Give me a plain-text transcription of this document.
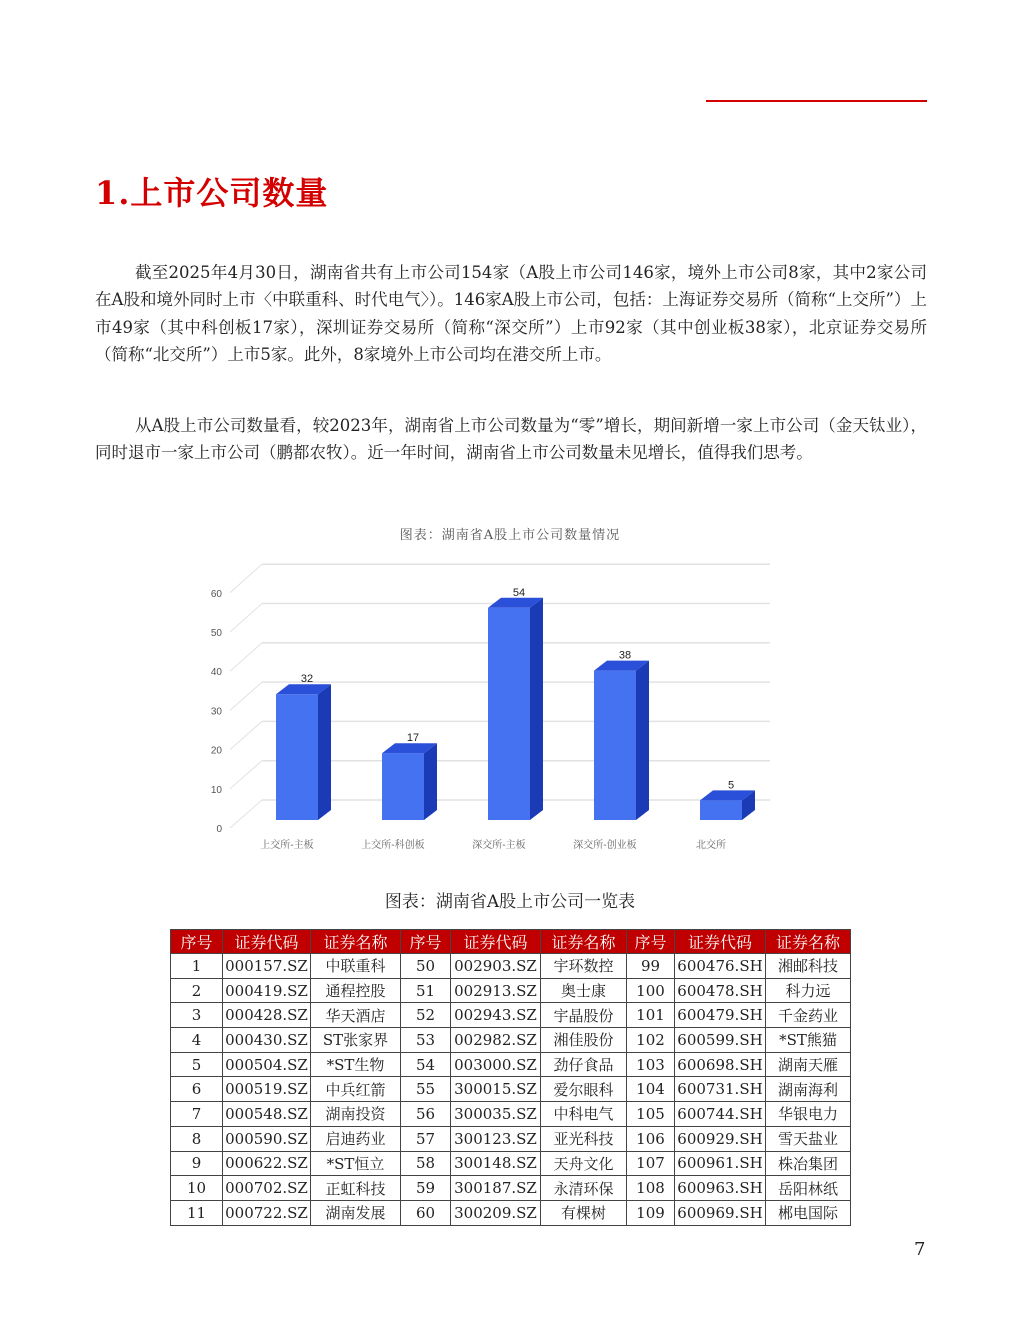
1.上市公司数量

截至2025年4月30日，湖南省共有上市公司154家（A股上市公司146家，境外上市公司8家，其中2家公司在A股和境外同时上市〈中联重科、时代电气〉）。146家A股上市公司，包括：上海证券交易所（简称“上交所”）上市49家（其中科创板17家），深圳证券交易所（简称“深交所”）上市92家（其中创业板38家），北京证券交易所（简称“北交所”）上市5家。此外，8家境外上市公司均在港交所上市。

从A股上市公司数量看，较2023年，湖南省上市公司数量为“零”增长，期间新增一家上市公司（金天钛业），同时退市一家上市公司（鹏都农牧）。近一年时间，湖南省上市公司数量未见增长，值得我们思考。

图表：湖南省A股上市公司数量情况
0
10
20
30
40
50
60
32
上交所-主板
17
上交所-科创板
54
深交所-主板
38
深交所-创业板
5
北交所
图表：湖南省A股上市公司一览表
序号	证券代码	证券名称	序号	证券代码	证券名称	序号	证券代码	证券名称
1	000157.SZ	中联重科	50	002903.SZ	宇环数控	99	600476.SH	湘邮科技
2	000419.SZ	通程控股	51	002913.SZ	奥士康	100	600478.SH	科力远
3	000428.SZ	华天酒店	52	002943.SZ	宇晶股份	101	600479.SH	千金药业
4	000430.SZ	ST张家界	53	002982.SZ	湘佳股份	102	600599.SH	*ST熊猫
5	000504.SZ	*ST生物	54	003000.SZ	劲仔食品	103	600698.SH	湖南天雁
6	000519.SZ	中兵红箭	55	300015.SZ	爱尔眼科	104	600731.SH	湖南海利
7	000548.SZ	湖南投资	56	300035.SZ	中科电气	105	600744.SH	华银电力
8	000590.SZ	启迪药业	57	300123.SZ	亚光科技	106	600929.SH	雪天盐业
9	000622.SZ	*ST恒立	58	300148.SZ	天舟文化	107	600961.SH	株冶集团
10	000702.SZ	正虹科技	59	300187.SZ	永清环保	108	600963.SH	岳阳林纸
11	000722.SZ	湖南发展	60	300209.SZ	有棵树	109	600969.SH	郴电国际
7
